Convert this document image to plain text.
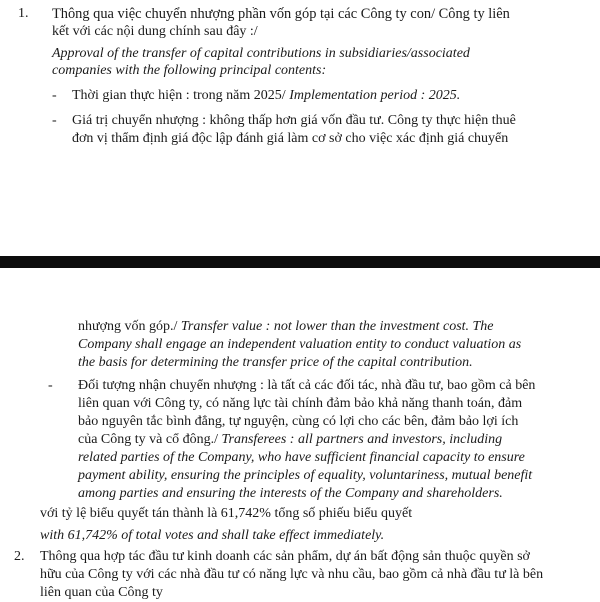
1. Thông qua việc chuyển nhượng phần vốn góp tại các Công ty con/ Công ty liên
kết với các nội dung chính sau đây :/
Approval of the transfer of capital contributions in subsidiaries/associated
companies with the following principal contents:
- Thời gian thực hiện : trong năm 2025/ Implementation period : 2025.
- Giá trị chuyển nhượng : không thấp hơn giá vốn đầu tư. Công ty thực hiện thuê
đơn vị thẩm định giá độc lập đánh giá làm cơ sở cho việc xác định giá chuyển
nhượng vốn góp./ Transfer value : not lower than the investment cost. The
Company shall engage an independent valuation entity to conduct valuation as
the basis for determining the transfer price of the capital contribution.
- Đối tượng nhận chuyển nhượng : là tất cả các đối tác, nhà đầu tư, bao gồm cả bên
liên quan với Công ty, có năng lực tài chính đảm bảo khả năng thanh toán, đảm
bảo nguyên tắc bình đẳng, tự nguyện, cùng có lợi cho các bên, đảm bảo lợi ích
của Công ty và cổ đông./ Transferees : all partners and investors, including
related parties of the Company, who have sufficient financial capacity to ensure
payment ability, ensuring the principles of equality, voluntariness, mutual benefit
among parties and ensuring the interests of the Company and shareholders.
với tỷ lệ biểu quyết tán thành là 61,742% tổng số phiếu biểu quyết
with 61,742% of total votes and shall take effect immediately.
2. Thông qua hợp tác đầu tư kinh doanh các sản phẩm, dự án bất động sản thuộc quyền sở
hữu của Công ty với các nhà đầu tư có năng lực và nhu cầu, bao gồm cả nhà đầu tư là bên
liên quan của Công ty
